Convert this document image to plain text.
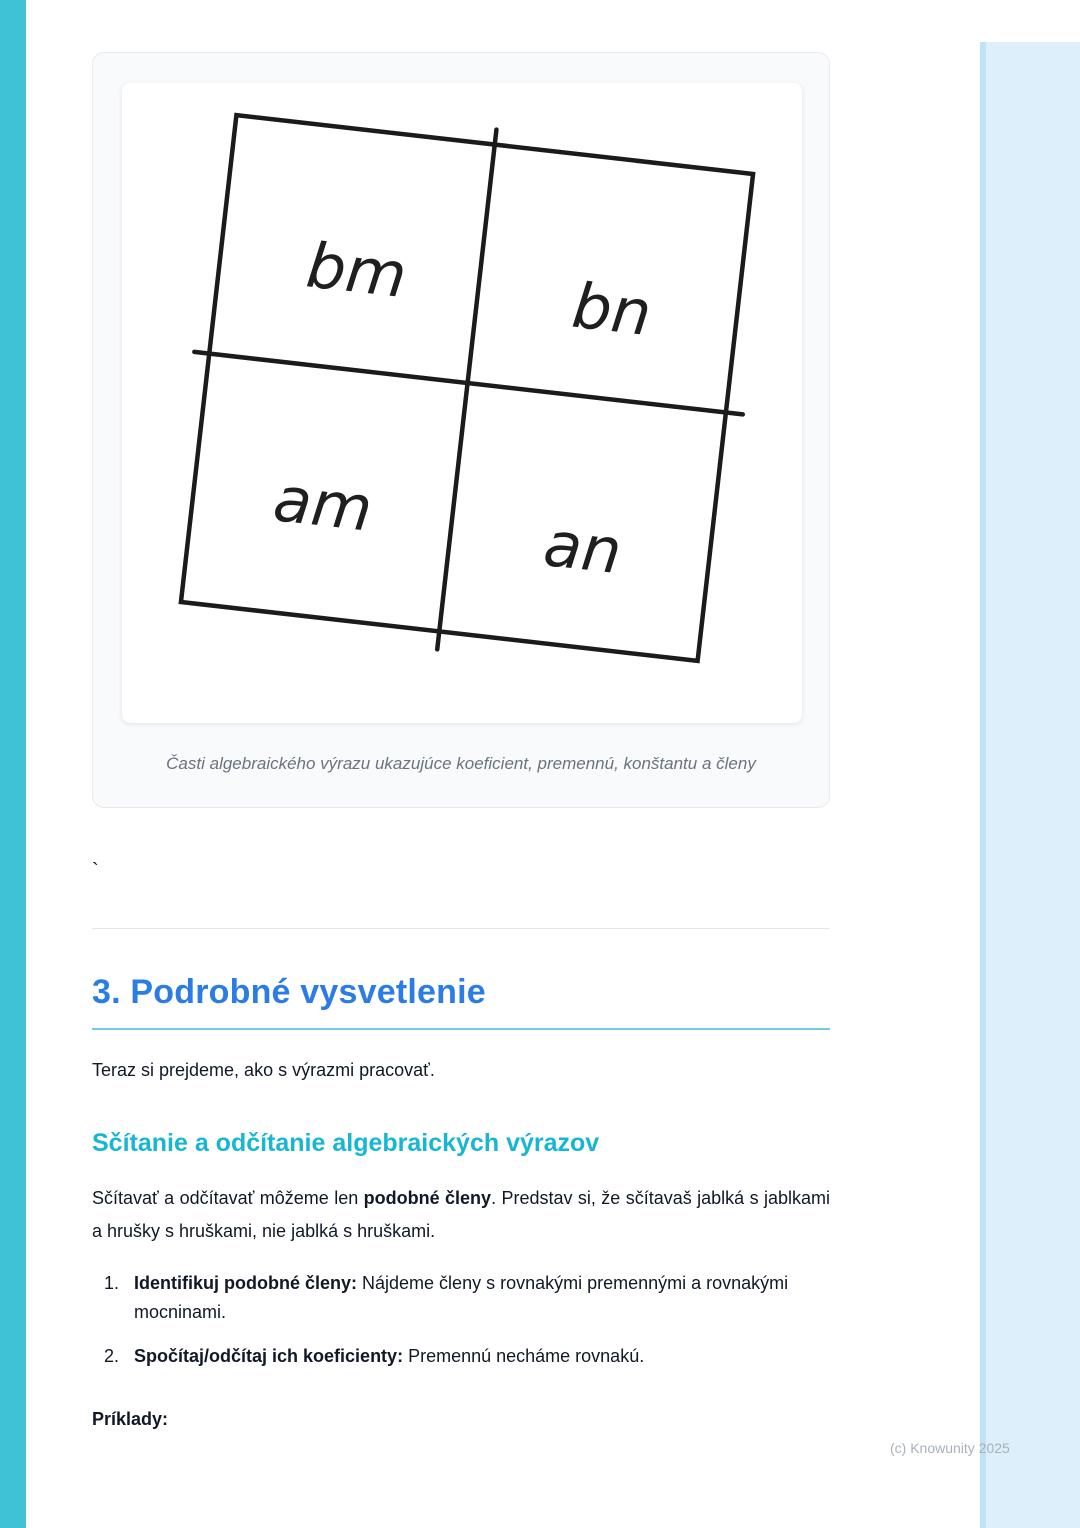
bm	bn
am
an
Časti algebraického výrazu ukazujúce koeficient, premennú, konštantu a členy
`
3. Podrobné vysvetlenie

Teraz si prejdeme, ako s výrazmi pracovať.

Sčítanie a odčítanie algebraických výrazov

Sčítavať a odčítavať môžeme len podobné členy. Predstav si, že sčítavaš jablká s jablkami a hrušky s hruškami, nie jablká s hruškami.

1. Identifikuj podobné členy: Nájdeme členy s rovnakými premennými a rovnakými mocninami.
2. Spočítaj/odčítaj ich koeficienty: Premennú necháme rovnakú.

Príklady:

(c) Knowunity 2025
